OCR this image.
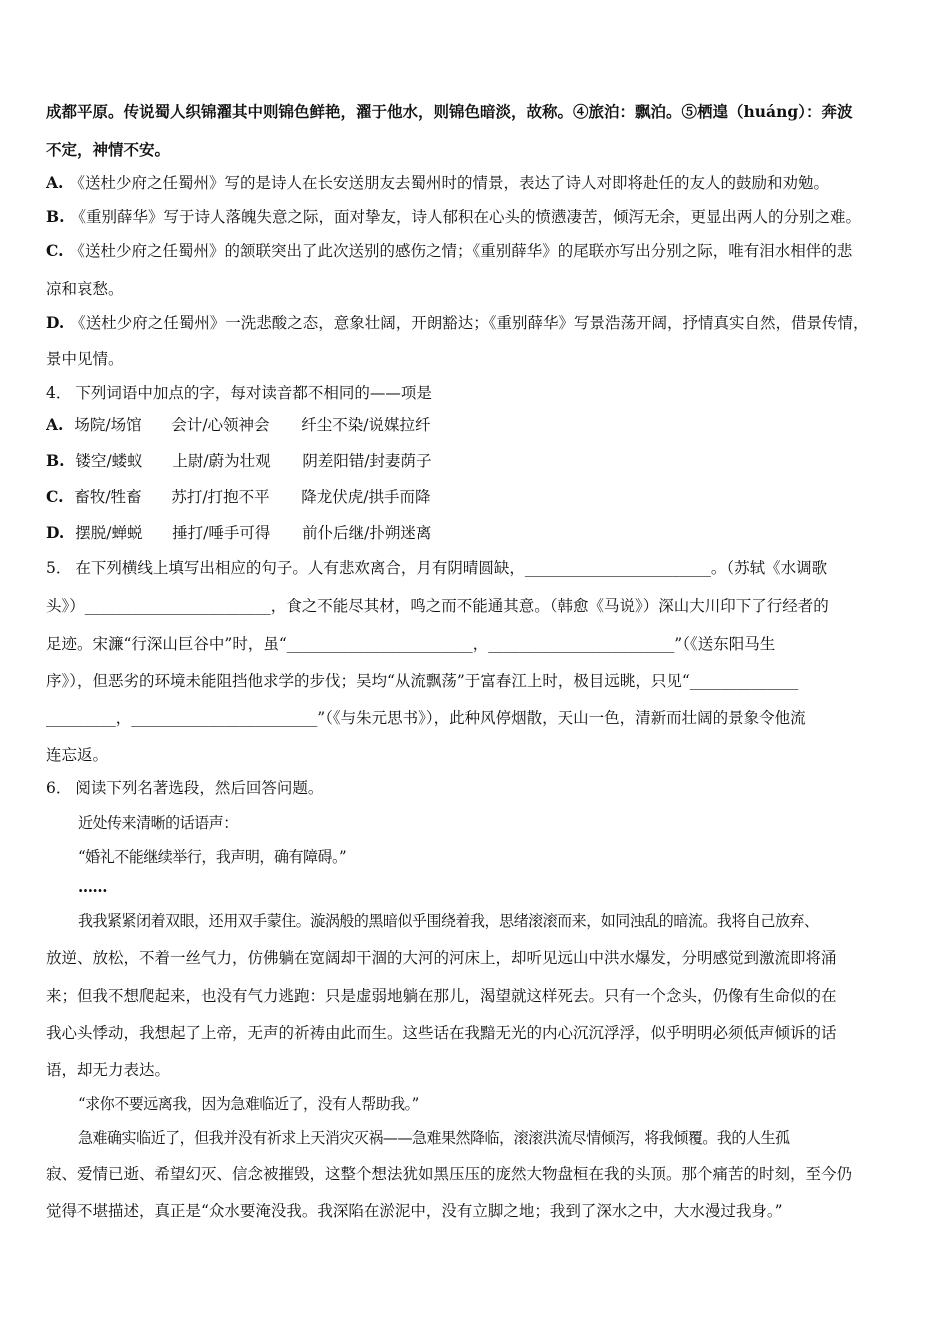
成都平原。传说蜀人织锦濯其中则锦色鲜艳，濯于他水，则锦色暗淡，故称。④旅泊：飘泊。⑤栖遑（huáng）：奔波
不定，神情不安。
A. 《送杜少府之任蜀州》写的是诗人在长安送朋友去蜀州时的情景，表达了诗人对即将赴任的友人的鼓励和劝勉。
B. 《重别薛华》写于诗人落魄失意之际，面对挚友，诗人郁积在心头的愤懑凄苦，倾泻无余，更显出两人的分别之难。
C. 《送杜少府之任蜀州》的颔联突出了此次送别的感伤之情；《重别薛华》的尾联亦写出分别之际，唯有泪水相伴的悲
凉和哀愁。
D. 《送杜少府之任蜀州》一洗悲酸之态，意象壮阔，开朗豁达；《重别薛华》写景浩荡开阔，抒情真实自然，借景传情，
景中见情。
4． 下列词语中加点的字，每对读音都不相同的——项是
A. 场院/场馆 会计/心领神会 纤尘不染/说媒拉纤
B. 镂空/蝼蚁 上尉/蔚为壮观 阴差阳错/封妻荫子
C. 畜牧/牲畜 苏打/打抱不平 降龙伏虎/拱手而降
D. 摆脱/蝉蜕 捶打/唾手可得 前仆后继/扑朔迷离
5． 在下列横线上填写出相应的句子。人有悲欢离合，月有阴晴圆缺，________________________。（苏轼《水调歌
头》）________________________，食之不能尽其材，鸣之而不能通其意。（韩愈《马说》）深山大川印下了行经者的
足迹。宋濂“行深山巨谷中”时，虽“________________________，________________________”（《送东阳马生
序》），但恶劣的环境未能阻挡他求学的步伐；吴均“从流飘荡”于富春江上时，极目远眺，只见“______________
_________，________________________”（《与朱元思书》），此种风停烟散，天山一色，清新而壮阔的景象令他流
连忘返。
6． 阅读下列名著选段，然后回答问题。
近处传来清晰的话语声：
“婚礼不能继续举行，我声明，确有障碍。”
……
我我紧紧闭着双眼，还用双手蒙住。漩涡般的黑暗似乎围绕着我，思绪滚滚而来，如同浊乱的暗流。我将自己放弃、
放逆、放松，不着一丝气力，仿佛躺在宽阔却干涸的大河的河床上，却听见远山中洪水爆发，分明感觉到激流即将涌
来；但我不想爬起来，也没有气力逃跑：只是虚弱地躺在那儿，渴望就这样死去。只有一个念头，仍像有生命似的在
我心头悸动，我想起了上帝，无声的祈祷由此而生。这些话在我黯无光的内心沉沉浮浮，似乎明明必须低声倾诉的话
语，却无力表达。
“求你不要远离我，因为急难临近了，没有人帮助我。”
急难确实临近了，但我并没有祈求上天消灾灭祸——急难果然降临，滚滚洪流尽情倾泻，将我倾覆。我的人生孤
寂、爱情已逝、希望幻灭、信念被摧毁，这整个想法犹如黑压压的庞然大物盘桓在我的头顶。那个痛苦的时刻，至今仍
觉得不堪描述，真正是“众水要淹没我。我深陷在淤泥中，没有立脚之地；我到了深水之中，大水漫过我身。”
